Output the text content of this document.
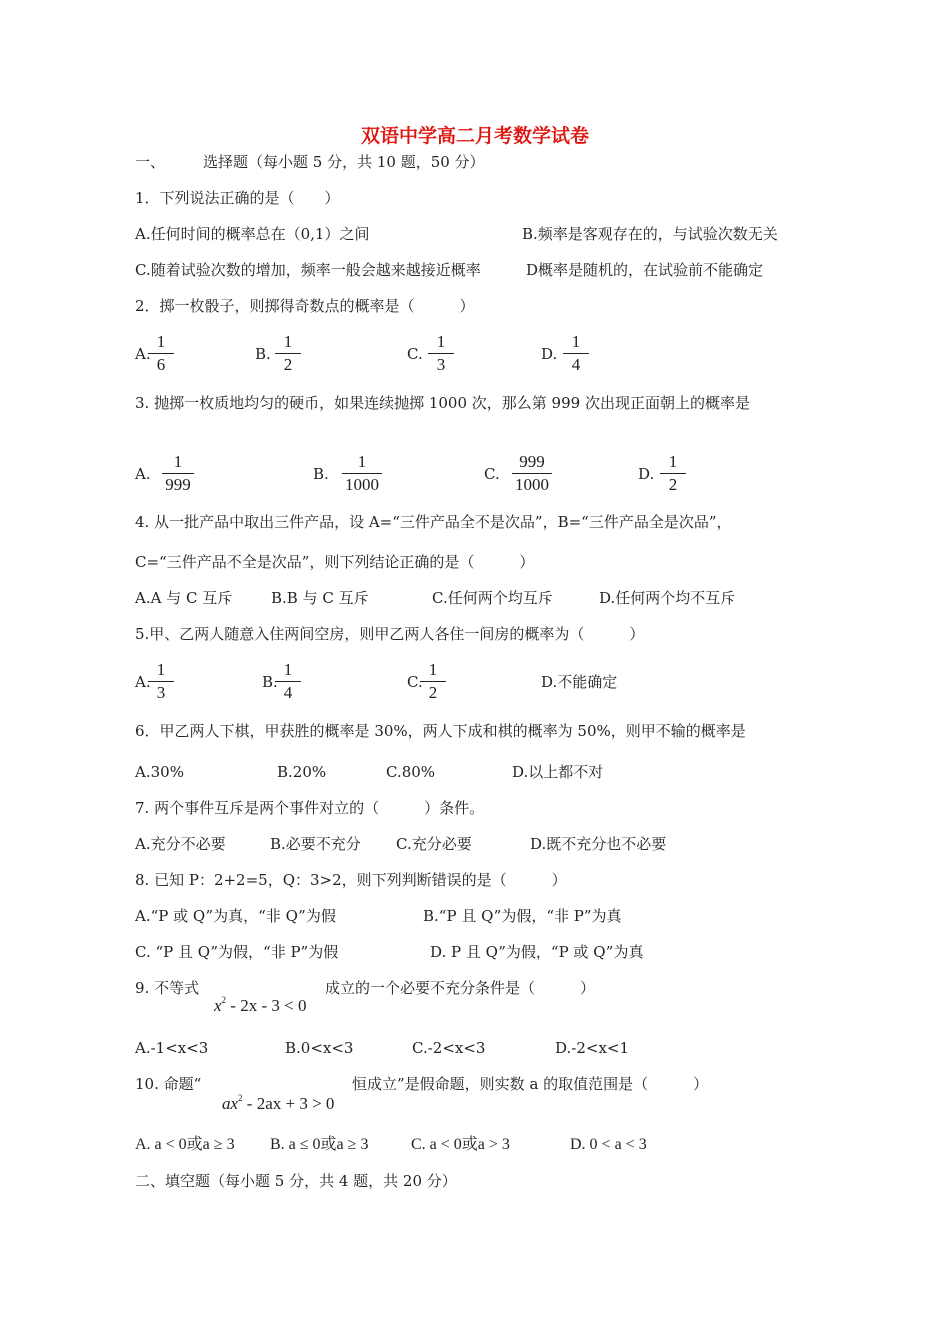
双语中学高二月考数学试卷
一、	选择题（每小题 5 分，共 10 题，50 分）
1．下列说法正确的是（　　）
A.任何时间的概率总在（0,1）之间	B.频率是客观存在的，与试验次数无关
C.随着试验次数的增加，频率一般会越来越接近概率	D概率是随机的，在试验前不能确定
2．掷一枚骰子，则掷得奇数点的概率是（　　　）
A.
1
6
B.
1
2
C.
1
3
D.
1
4
3. 抛掷一枚质地均匀的硬币，如果连续抛掷 1000 次，那么第 999 次出现正面朝上的概率是
A.
1
999
B.
1
1000
C.
999
1000
D.
1
2
4. 从一批产品中取出三件产品，设 A=“三件产品全不是次品”，B=“三件产品全是次品”，
C=“三件产品不全是次品”，则下列结论正确的是（　　　）
A.A 与 C 互斥	B.B 与 C 互斥	C.任何两个均互斥	D.任何两个均不互斥
5.甲、乙两人随意入住两间空房，则甲乙两人各住一间房的概率为（　　　）
A.
1
3
B.
1
4
C.
1
2
D.不能确定
6．甲乙两人下棋，甲获胜的概率是 30%，两人下成和棋的概率为 50%，则甲不输的概率是
A.30%	B.20%	C.80%	D.以上都不对
7. 两个事件互斥是两个事件对立的（　　　）条件。
A.充分不必要	B.必要不充分 C.充分必要	D.既不充分也不必要
8. 已知 P：2+2=5，Q：3>2，则下列判断错误的是（　　　）
A.“P 或 Q”为真，“非 Q”为假	B.“P 且 Q”为假，“非 P”为真
C. “P 且 Q”为假，“非 P”为假	D. P 且 Q”为假，“P 或 Q”为真
9. 不等式
$x^2 - 2x - 3 < 0$
成立的一个必要不充分条件是（　　　）
A.-1<x<3	B.0<x<3	C.-2<x<3	D.-2<x<1
10. 命题“
$ax^2 - 2ax + 3 > 0$
恒成立”是假命题，则实数 a 的取值范围是（　　　）
A. a < 0或a ≥ 3 B. a ≤ 0或a ≥ 3	C. a < 0或a > 3	D. 0 < a < 3
二、填空题（每小题 5 分，共 4 题，共 20 分）
